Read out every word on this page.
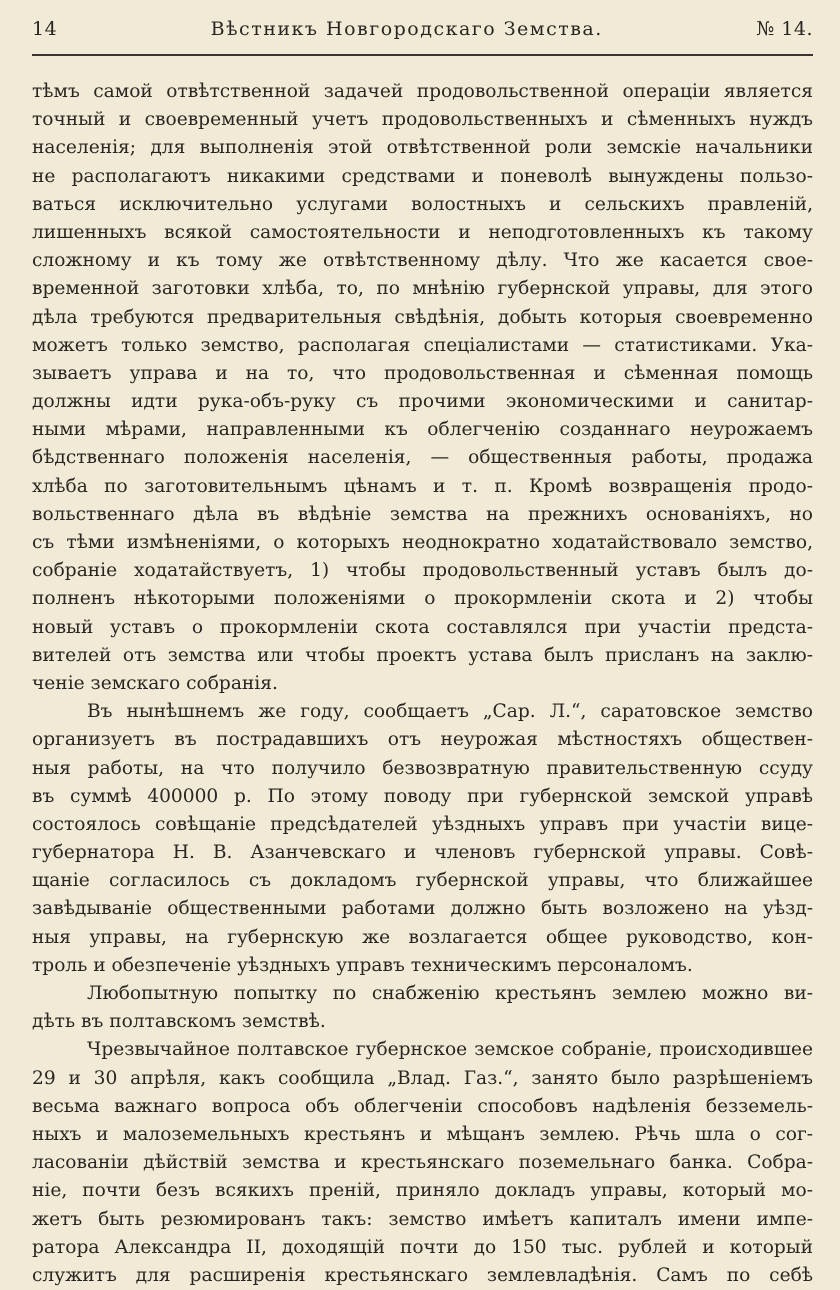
14	Вѣстникъ Новгородскаго Земства.	№ 14.
тѣмъ самой отвѣтственной задачей продовольственной операціи является
точный и своевременный учетъ продовольственныхъ и сѣменныхъ нуждъ
населенія; для выполненія этой отвѣтственной роли земскіе начальники
не располагаютъ никакими средствами и поневолѣ вынуждены пользо-
ваться исключительно услугами волостныхъ и сельскихъ правленій,
лишенныхъ всякой самостоятельности и неподготовленныхъ къ такому
сложному и къ тому же отвѣтственному дѣлу. Что же касается свое-
временной заготовки хлѣба, то, по мнѣнію губернской управы, для этого
дѣла требуются предварительныя свѣдѣнія, добыть которыя своевременно
можетъ только земство, располагая спеціалистами — статистиками. Ука-
зываетъ управа и на то, что продовольственная и сѣменная помощь
должны идти рука-объ-руку съ прочими экономическими и санитар-
ными мѣрами, направленными къ облегченію созданнаго неурожаемъ
бѣдственнаго положенія населенія, — общественныя работы, продажа
хлѣба по заготовительнымъ цѣнамъ и т. п. Кромѣ возвращенія продо-
вольственнаго дѣла въ вѣдѣніе земства на прежнихъ основаніяхъ, но
съ тѣми измѣненіями, о которыхъ неоднократно ходатайствовало земство,
собраніе ходатайствуетъ, 1) чтобы продовольственный уставъ былъ до-
полненъ нѣкоторыми положеніями о прокормленіи скота и 2) чтобы
новый уставъ о прокормленіи скота составлялся при участіи предста-
вителей отъ земства или чтобы проектъ устава былъ присланъ на заклю-
ченіе земскаго собранія.
Въ нынѣшнемъ же году, сообщаетъ „Сар. Л.“, саратовское земство
организуетъ въ пострадавшихъ отъ неурожая мѣстностяхъ обществен-
ныя работы, на что получило безвозвратную правительственную ссуду
въ суммѣ 400000 р. По этому поводу при губернской земской управѣ
состоялось совѣщаніе предсѣдателей уѣздныхъ управъ при участіи вице-
губернатора Н. В. Азанчевскаго и членовъ губернской управы. Совѣ-
щаніе согласилось съ докладомъ губернской управы, что ближайшее
завѣдываніе общественными работами должно быть возложено на уѣзд-
ныя управы, на губернскую же возлагается общее руководство, кон-
троль и обезпеченіе уѣздныхъ управъ техническимъ персоналомъ.
Любопытную попытку по снабженію крестьянъ землею можно ви-
дѣть въ полтавскомъ земствѣ.
Чрезвычайное полтавское губернское земское собраніе, происходившее
29 и 30 апрѣля, какъ сообщила „Влад. Газ.“, занято было разрѣшеніемъ
весьма важнаго вопроса объ облегченіи способовъ надѣленія безземель-
ныхъ и малоземельныхъ крестьянъ и мѣщанъ землею. Рѣчь шла о сог-
ласованіи дѣйствій земства и крестьянскаго поземельнаго банка. Собра-
ніе, почти безъ всякихъ преній, приняло докладъ управы, который мо-
жетъ быть резюмированъ такъ: земство имѣетъ капиталъ имени импе-
ратора Александра II, доходящій почти до 150 тыс. рублей и который
служитъ для расширенія крестьянскаго землевладѣнія. Самъ по себѣ
